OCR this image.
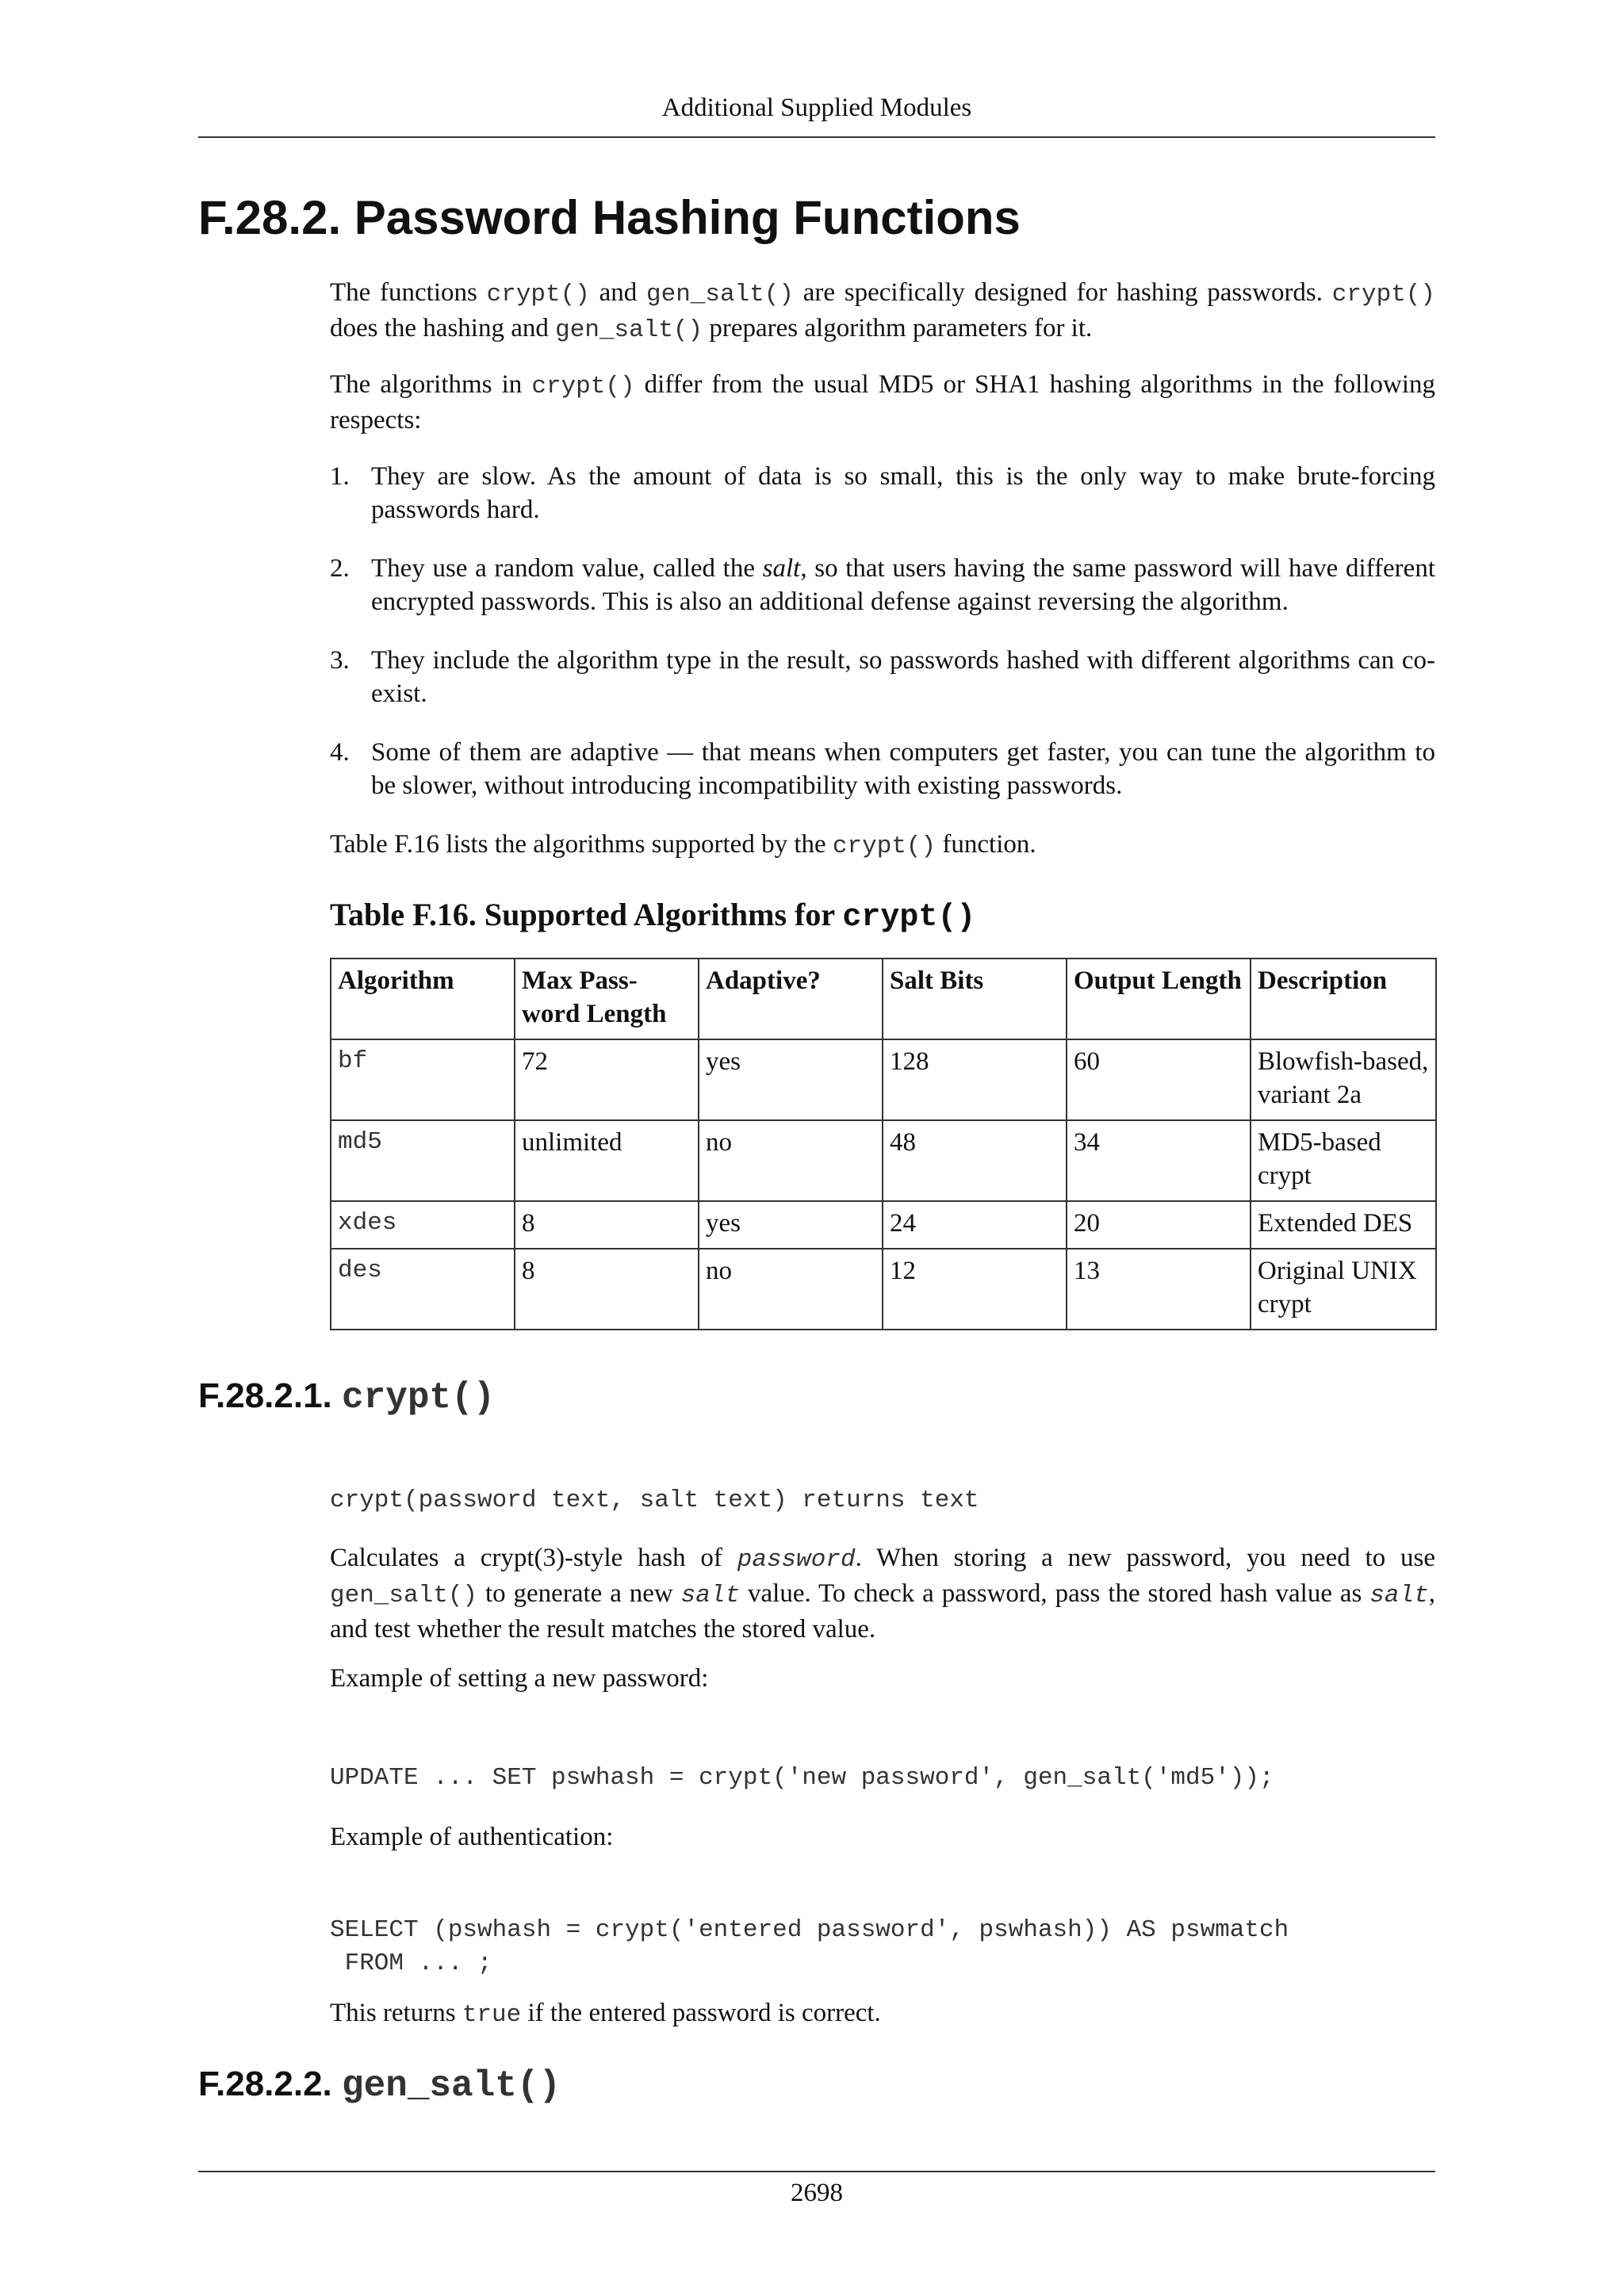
Additional Supplied Modules
F.28.2. Password Hashing Functions

The functions crypt() and gen_salt() are specifically designed for hashing passwords. crypt() does the hashing and gen_salt() prepares algorithm parameters for it.

The algorithms in crypt() differ from the usual MD5 or SHA1 hashing algorithms in the following respects:

1. They are slow. As the amount of data is so small, this is the only way to make brute-forcing passwords hard.
2. They use a random value, called the salt, so that users having the same password will have different encrypted passwords. This is also an additional defense against reversing the algorithm.
3. They include the algorithm type in the result, so passwords hashed with different algorithms can co-exist.
4. Some of them are adaptive — that means when computers get faster, you can tune the algorithm to be slower, without introducing incompatibility with existing passwords.

Table F.16 lists the algorithms supported by the crypt() function.

Table F.16. Supported Algorithms for crypt()
Algorithm	Max Pass-word Length	Adaptive?	Salt Bits	Output Length	Description
bf	72	yes	128	60	Blowfish-based, variant 2a
md5	unlimited	no	48	34	MD5-based crypt
xdes	8	yes	24	20	Extended DES
des	8	no	12	13	Original UNIX crypt
F.28.2.1. crypt()
crypt(password text, salt text) returns text

Calculates a crypt(3)-style hash of password. When storing a new password, you need to use gen_salt() to generate a new salt value. To check a password, pass the stored hash value as salt, and test whether the result matches the stored value.

Example of setting a new password:

UPDATE ... SET pswhash = crypt('new password', gen_salt('md5'));

Example of authentication:

SELECT (pswhash = crypt('entered password', pswhash)) AS pswmatch
FROM ... ;

This returns true if the entered password is correct.

F.28.2.2. gen_salt()
2698
